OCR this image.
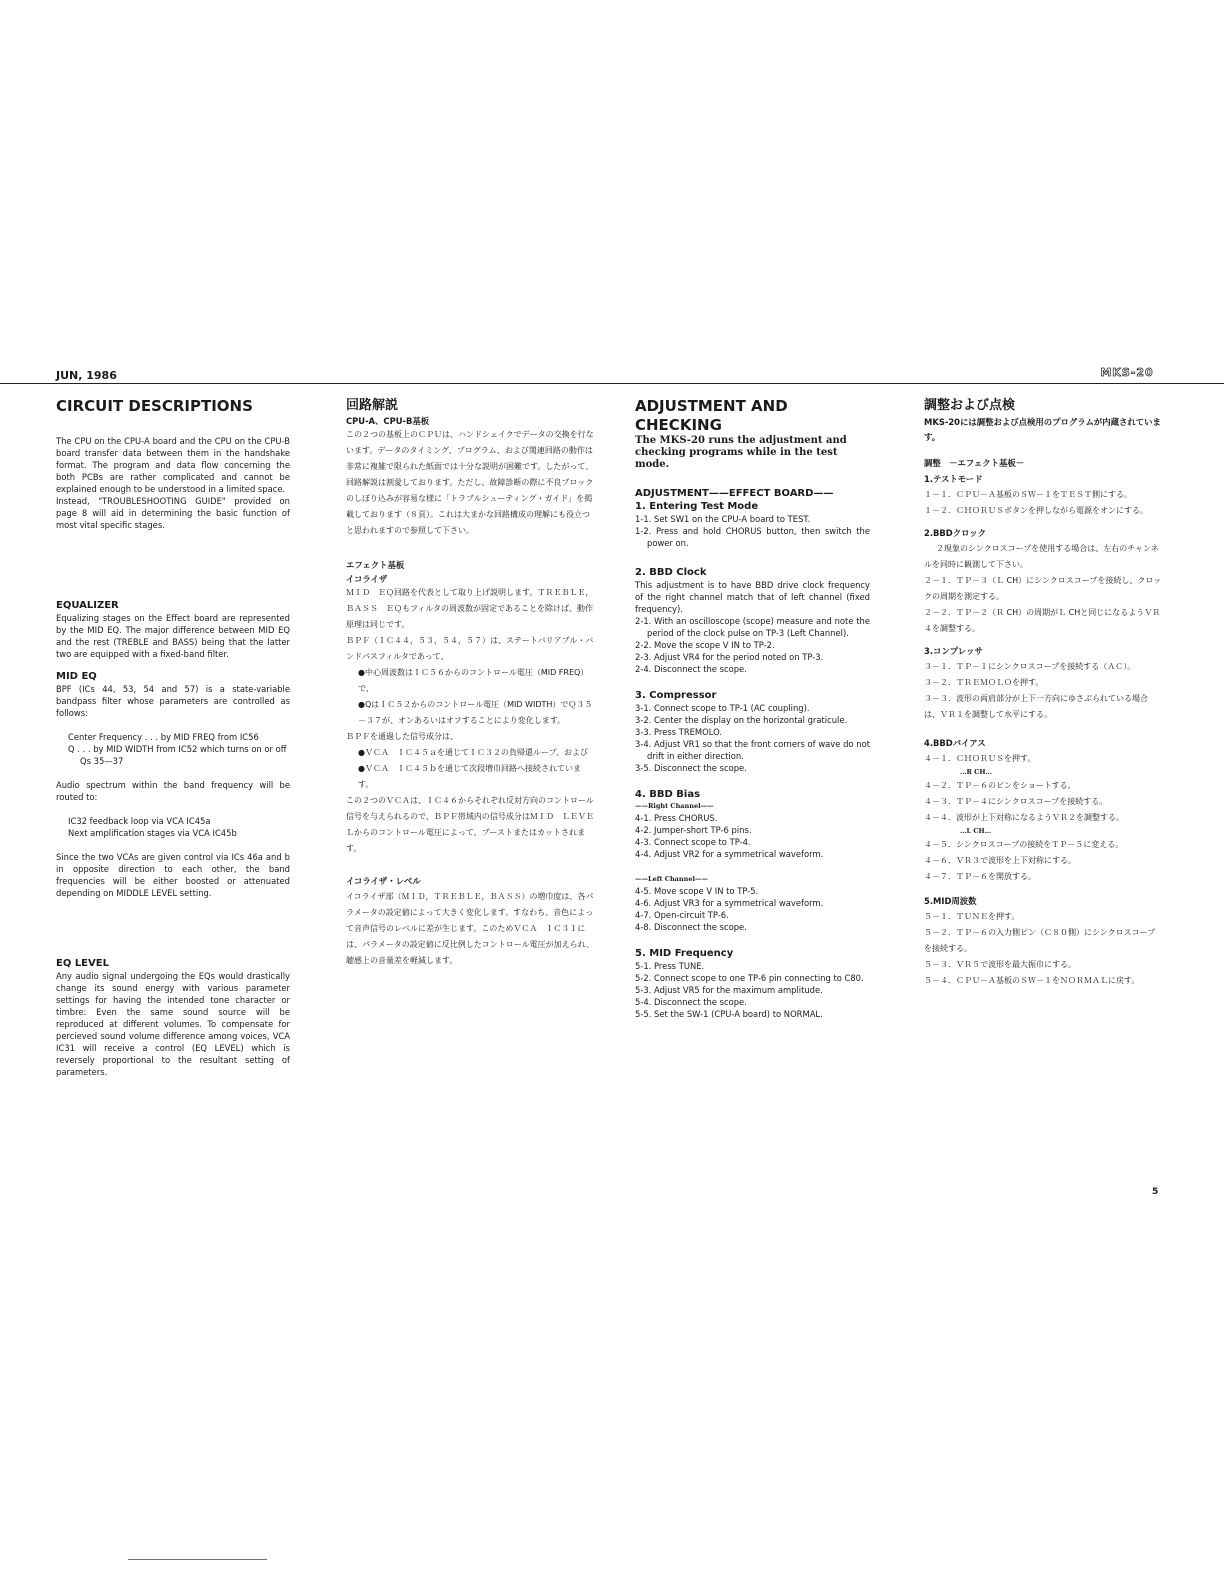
JUN, 1986	MKS-20
CIRCUIT DESCRIPTIONS

The CPU on the CPU-A board and the CPU on the CPU-B board transfer data between them in the handshake format. The program and data flow concerning the both PCBs are rather complicated and cannot be explained enough to be understood in a limited space.

Instead, "TROUBLESHOOTING GUIDE" provided on page 8 will aid in determining the basic function of most vital specific stages.

EQUALIZER

Equalizing stages on the Effect board are represented by the MID EQ. The major difference between MID EQ and the rest (TREBLE and BASS) being that the latter two are equipped with a fixed-band filter.

MID EQ

BPF (ICs 44, 53, 54 and 57) is a state-variable bandpass filter whose parameters are controlled as follows:

Center Frequency . . . by MID FREQ from IC56

Q . . . by MID WIDTH from IC52 which turns on or off Qs 35—37

Audio spectrum within the band frequency will be routed to:

IC32 feedback loop via VCA IC45a

Next amplification stages via VCA IC45b

Since the two VCAs are given control via ICs 46a and b in opposite direction to each other, the band frequencies will be either boosted or attenuated depending on MIDDLE LEVEL setting.

EQ LEVEL

Any audio signal undergoing the EQs would drastically change its sound energy with various parameter settings for having the intended tone character or timbre: Even the same sound source will be reproduced at different volumes. To compensate for percieved sound volume difference among voices, VCA IC31 will receive a control (EQ LEVEL) which is reversely proportional to the resultant setting of parameters.

回路解説
CPU-A、CPU-B基板

この２つの基板上のＣＰＵは、ハンドシェイクでデータの交換を行ないます。データのタイミング、プログラム、および関連回路の動作は非常に複雑で限られた紙面では十分な説明が困難です。したがって、回路解説は割愛しております。ただし、故障診断の際に不良ブロックのしぼり込みが容易な様に「トラブルシューティング・ガイド」を掲載しております（８頁）。これは大まかな回路構成の理解にも役立つと思われますので参照して下さい。

エフェクト基板
イコライザ

ＭＩＤ　ＥＱ回路を代表として取り上げ説明します。ＴＲＥＢＬＥ，ＢＡＳＳ　ＥＱもフィルタの周波数が固定であることを除けば、動作原理は同じです。

ＢＰＦ（ＩＣ４４，５３，５４，５７）は、ステートバリアブル・バンドパスフィルタであって、

●中心周波数はＩＣ５６からのコントロール電圧（MID FREQ）で、

●QはＩＣ５２からのコントロール電圧（MID WIDTH）でＱ３５－３７が、オンあるいはオフすることにより変化します。

ＢＰＦを通過した信号成分は、

●ＶＣＡ　ＩＣ４５ａを通じてＩＣ３２の負帰還ループ、および

●ＶＣＡ　ＩＣ４５ｂを通じて次段増巾回路へ接続されています。

この２つのＶＣＡは、ＩＣ４６からそれぞれ反対方向のコントロール信号を与えられるので、ＢＰＦ帯域内の信号成分はＭＩＤ　ＬＥＶＥＬからのコントロール電圧によって、ブーストまたはカットされます。

イコライザ・レベル

イコライザ部（ＭＩＤ，ＴＲＥＢＬＥ，ＢＡＳＳ）の増巾度は、各パラメータの設定値によって大きく変化します。すなわち、音色によって音声信号のレベルに差が生じます。このためＶＣＡ　ＩＣ３１には、パラメータの設定値に反比例したコントロール電圧が加えられ、聴感上の音量差を軽減します。

ADJUSTMENT AND CHECKING

The MKS-20 runs the adjustment and checking programs while in the test mode.

ADJUSTMENT——EFFECT BOARD——
1. Entering Test Mode

1-1. Set SW1 on the CPU-A board to TEST.

1-2. Press and hold CHORUS button, then switch the power on.

2. BBD Clock

This adjustment is to have BBD drive clock frequency of the right channel match that of left channel (fixed frequency).

2-1. With an oscilloscope (scope) measure and note the period of the clock pulse on TP-3 (Left Channel).

2-2. Move the scope V IN to TP-2.

2-3. Adjust VR4 for the period noted on TP-3.

2-4. Disconnect the scope.

3. Compressor

3-1. Connect scope to TP-1 (AC coupling).

3-2. Center the display on the horizontal graticule.

3-3. Press TREMOLO.

3-4. Adjust VR1 so that the front corners of wave do not drift in either direction.

3-5. Disconnect the scope.

4. BBD Bias
——Right Channel——

4-1. Press CHORUS.

4-2. Jumper-short TP-6 pins.

4-3. Connect scope to TP-4.

4-4. Adjust VR2 for a symmetrical waveform.

——Left Channel——

4-5. Move scope V IN to TP-5.

4-6. Adjust VR3 for a symmetrical waveform.

4-7. Open-circuit TP-6.

4-8. Disconnect the scope.

5. MID Frequency

5-1. Press TUNE.

5-2. Connect scope to one TP-6 pin connecting to C80.

5-3. Adjust VR5 for the maximum amplitude.

5-4. Disconnect the scope.

5-5. Set the SW-1 (CPU-A board) to NORMAL.

調整および点検

MKS-20には調整および点検用のプログラムが内蔵されています。

調整　－エフェクト基板－
1.テストモード

１－１．ＣＰＵ－Ａ基板のＳＷ－１をＴＥＳＴ側にする。

１－２．ＣＨＯＲＵＳボタンを押しながら電源をオンにする。

2.BBDクロック

２現象のシンクロスコープを使用する場合は、左右のチャンネルを同時に観測して下さい。

２－１．ＴＰ－３（Ｌ CH）にシンクロスコープを接続し、クロックの周期を測定する。

２－２．ＴＰ－２（Ｒ CH）の周期がＬ CHと同じになるようＶＲ４を調整する。

3.コンプレッサ

３－１．ＴＰ－１にシンクロスコープを接続する（ＡＣ）。

３－２．ＴＲＥＭＯＬＯを押す。

３－３．波形の両肩部分が上下一方向にゆさぶられている場合は、ＶＲ１を調整して水平にする。

4.BBDバイアス

４－１．ＣＨＯＲＵＳを押す。

…R CH…

４－２．ＴＰ－６のピンをショートする。

４－３．ＴＰ－４にシンクロスコープを接続する。

４－４．波形が上下対称になるようＶＲ２を調整する。

…L CH…

４－５．シンクロスコープの接続をＴＰ－５に変える。

４－６．ＶＲ３で波形を上下対称にする。

４－７．ＴＰ－６を開放する。

5.MID周波数

５－１．ＴＵＮＥを押す。

５－２．ＴＰ－６の入力側ピン（Ｃ８０側）にシンクロスコープを接続する。

５－３．ＶＲ５で波形を最大振巾にする。

５－４．ＣＰＵ－Ａ基板のＳＷ－１をＮＯＲＭＡＬに戻す。

5
